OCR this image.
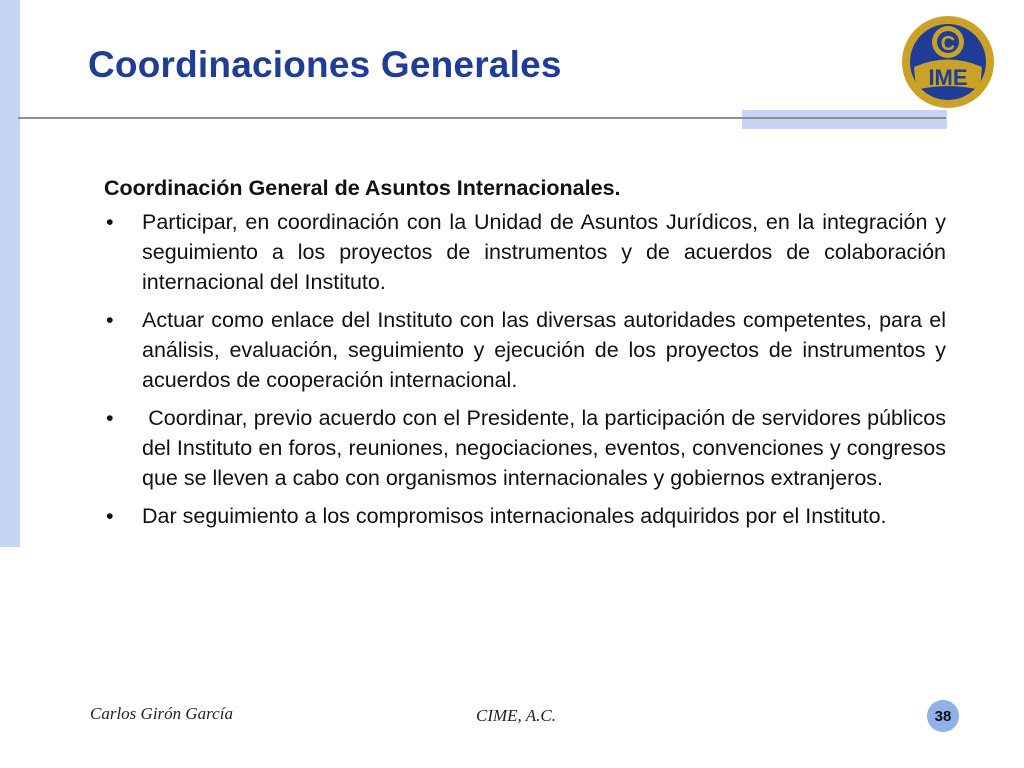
Coordinaciones Generales	IME
C

Coordinación General de Asuntos Internacionales.

• Participar, en coordinación con la Unidad de Asuntos Jurídicos, en la integración y seguimiento a los proyectos de instrumentos y de acuerdos de colaboración internacional del Instituto.
• Actuar como enlace del Instituto con las diversas autoridades competentes, para el análisis, evaluación, seguimiento y ejecución de los proyectos de instrumentos y acuerdos de cooperación internacional.
• Coordinar, previo acuerdo con el Presidente, la participación de servidores públicos del Instituto en foros, reuniones, negociaciones, eventos, convenciones y congresos que se lleven a cabo con organismos internacionales y gobiernos extranjeros.
• Dar seguimiento a los compromisos internacionales adquiridos por el Instituto.
Carlos Girón García	CIME, A.C.	38
